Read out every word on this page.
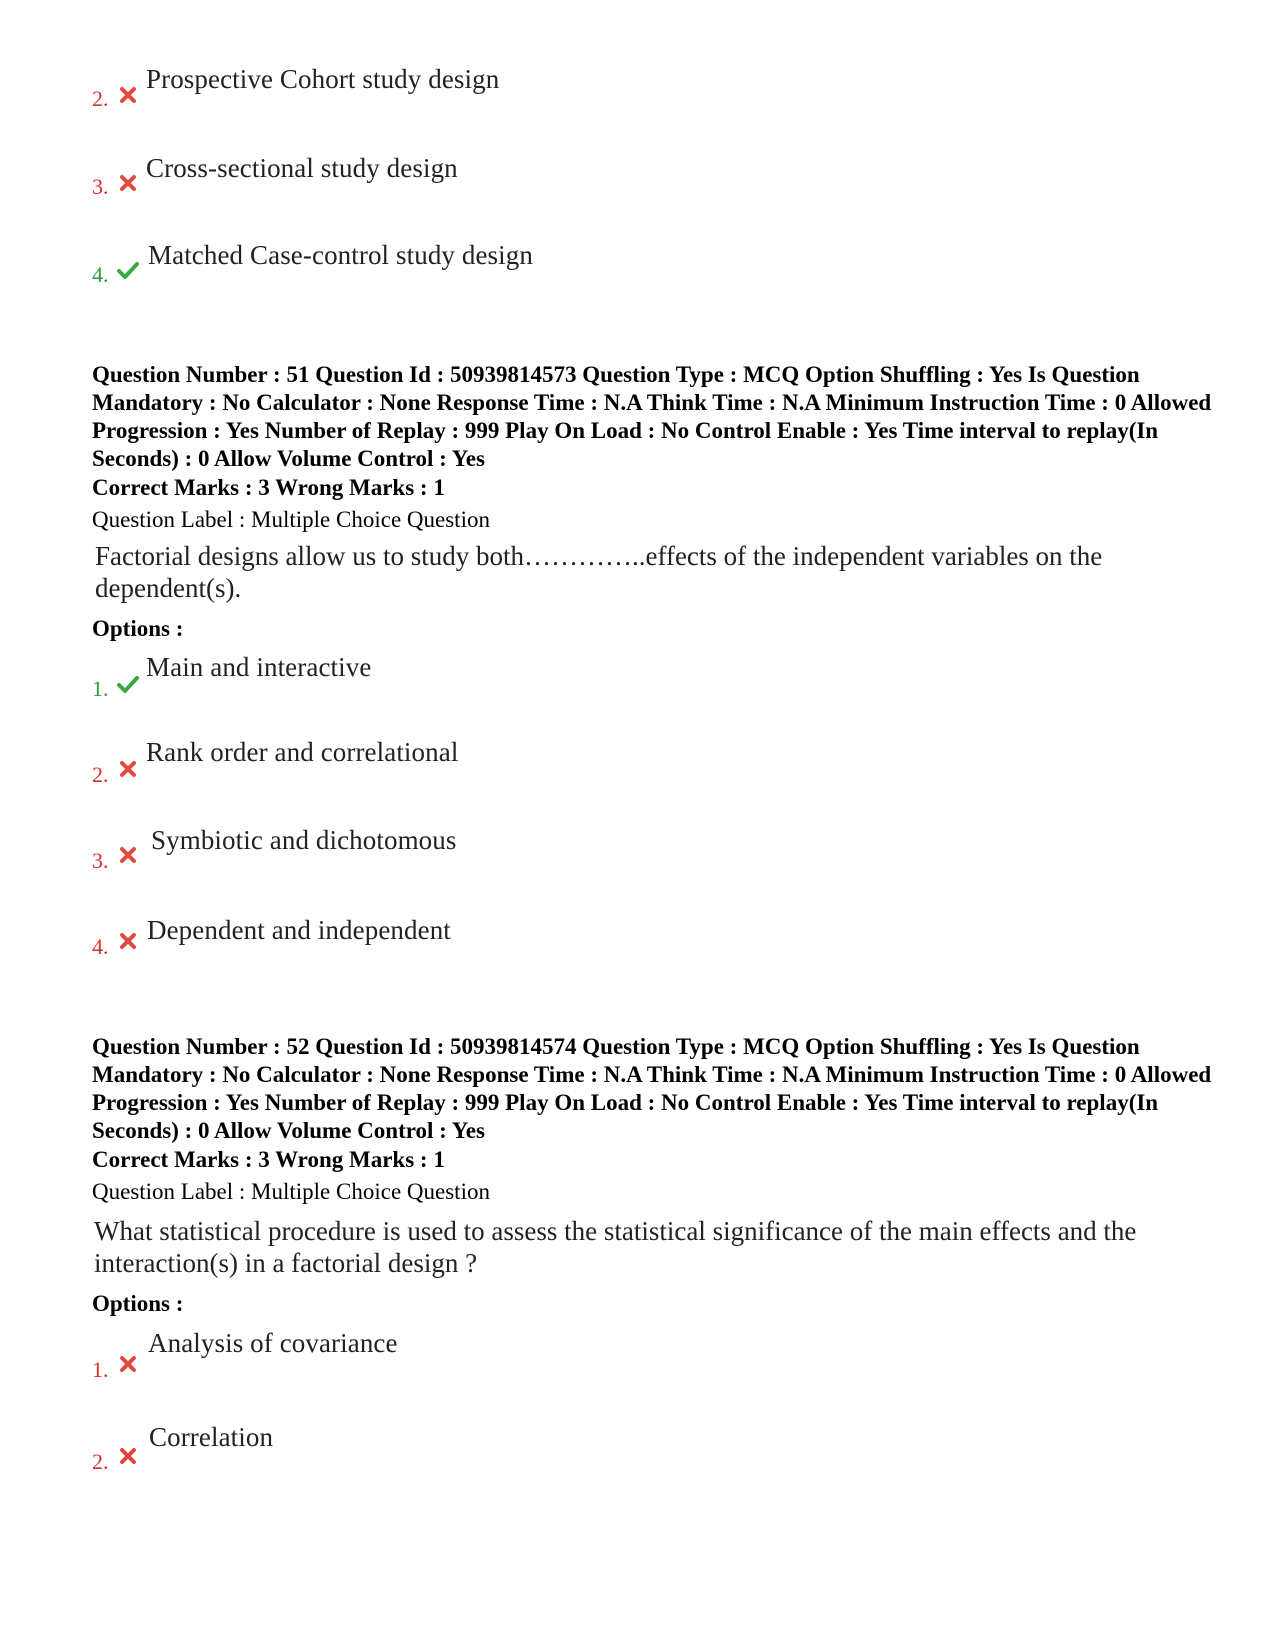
2.
Prospective Cohort study design
3.
Cross-sectional study design
4.
Matched Case-control study design
Question Number : 51 Question Id : 50939814573 Question Type : MCQ Option Shuffling : Yes Is Question Mandatory : No Calculator : None Response Time : N.A Think Time : N.A Minimum Instruction Time : 0 Allowed Progression : Yes Number of Replay : 999 Play On Load : No Control Enable : Yes Time interval to replay(In Seconds) : 0 Allow Volume Control : Yes
Correct Marks : 3 Wrong Marks : 1
Question Label : Multiple Choice Question
Factorial designs allow us to study both…………..effects of the independent variables on the dependent(s).
Options :
1.
Main and interactive
2.
Rank order and correlational
3.
Symbiotic and dichotomous
4.
Dependent and independent
Question Number : 52 Question Id : 50939814574 Question Type : MCQ Option Shuffling : Yes Is Question Mandatory : No Calculator : None Response Time : N.A Think Time : N.A Minimum Instruction Time : 0 Allowed Progression : Yes Number of Replay : 999 Play On Load : No Control Enable : Yes Time interval to replay(In Seconds) : 0 Allow Volume Control : Yes
Correct Marks : 3 Wrong Marks : 1
Question Label : Multiple Choice Question
What statistical procedure is used to assess the statistical significance of the main effects and the interaction(s) in a factorial design ?
Options :
1.
Analysis of covariance
2.
Correlation
